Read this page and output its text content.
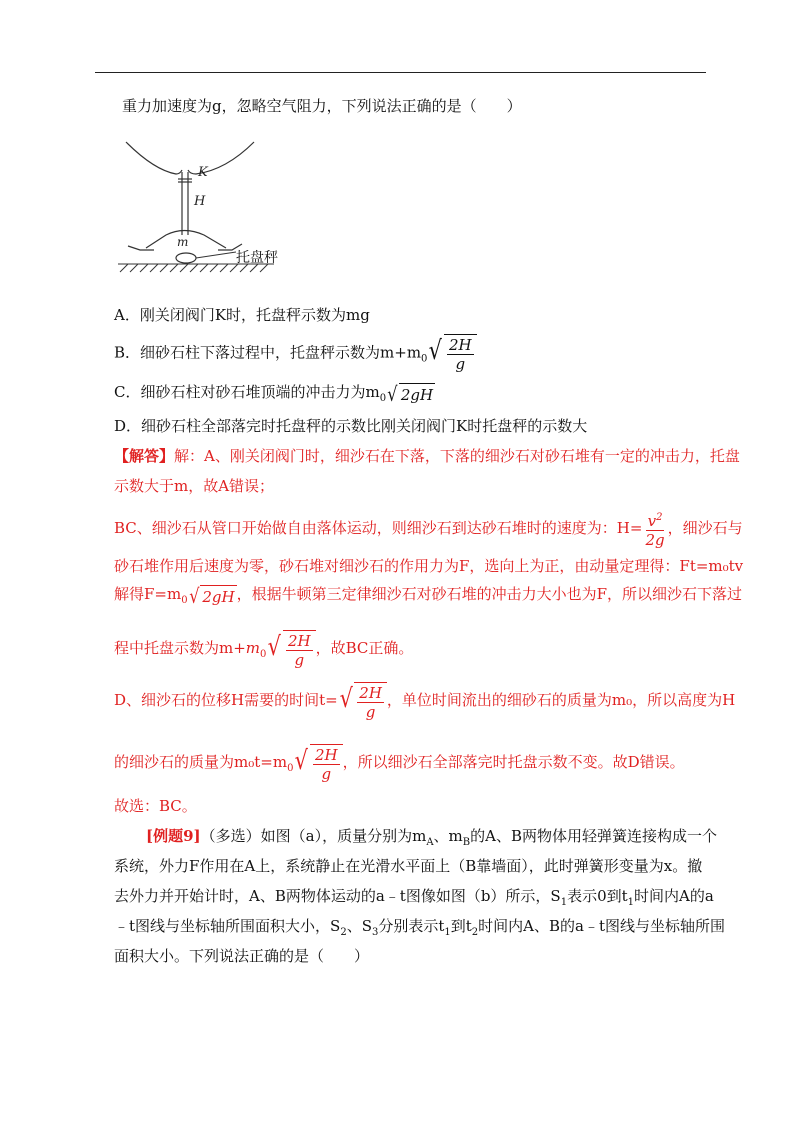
重力加速度为g，忽略空气阻力，下列说法正确的是（　　）
K
H
m
托盘秤
A．刚关闭阀门K时，托盘秤示数为mg
B．细砂石柱下落过程中，托盘秤示数为$m+m_0$ √ $\frac{2H}{g}$
C．细砂石柱对砂石堆顶端的冲击力为$m_0$ √ 2gH
D．细砂石柱全部落完时托盘秤的示数比刚关闭阀门K时托盘秤的示数大
【解答】解：A、刚关闭阀门时，细沙石在下落，下落的细沙石对砂石堆有一定的冲击力，托盘
示数大于m，故A错误；
BC、细沙石从管口开始做自由落体运动，则细沙石到达砂石堆时的速度为：$H= \frac{v^2}{2g}$ ，细沙石与
砂石堆作用后速度为零，砂石堆对细沙石的作用力为F，选向上为正，由动量定理得：Ft=m₀tv
解得$F=m_0$ √ 2gH ，根据牛顿第三定律细沙石对砂石堆的冲击力大小也为F，所以细沙石下落过
程中托盘示数为$m+m_0$ √ $\frac{2H}{g}$ ，故BC正确。
D、细沙石的位移H需要的时间t= √ $\frac{2H}{g}$ ，单位时间流出的细砂石的质量为m₀，所以高度为H
的细沙石的质量为$m_0t=m_0$ √ $\frac{2H}{g}$ ，所以细沙石全部落完时托盘示数不变。故D错误。
故选：BC。
[例题9]（多选）如图（a），质量分别为$m_A$、$m_B$的A、B两物体用轻弹簧连接构成一个
系统，外力F作用在A上，系统静止在光滑水平面上（B靠墙面），此时弹簧形变量为x。撤
去外力并开始计时，A、B两物体运动的a﹣t图像如图（b）所示，$S_1$表示0到$t_1$时间内A的a
﹣t图线与坐标轴所围面积大小，$S_2$、$S_3$分别表示$t_1$到$t_2$时间内A、B的a﹣t图线与坐标轴所围
面积大小。下列说法正确的是（　　）
